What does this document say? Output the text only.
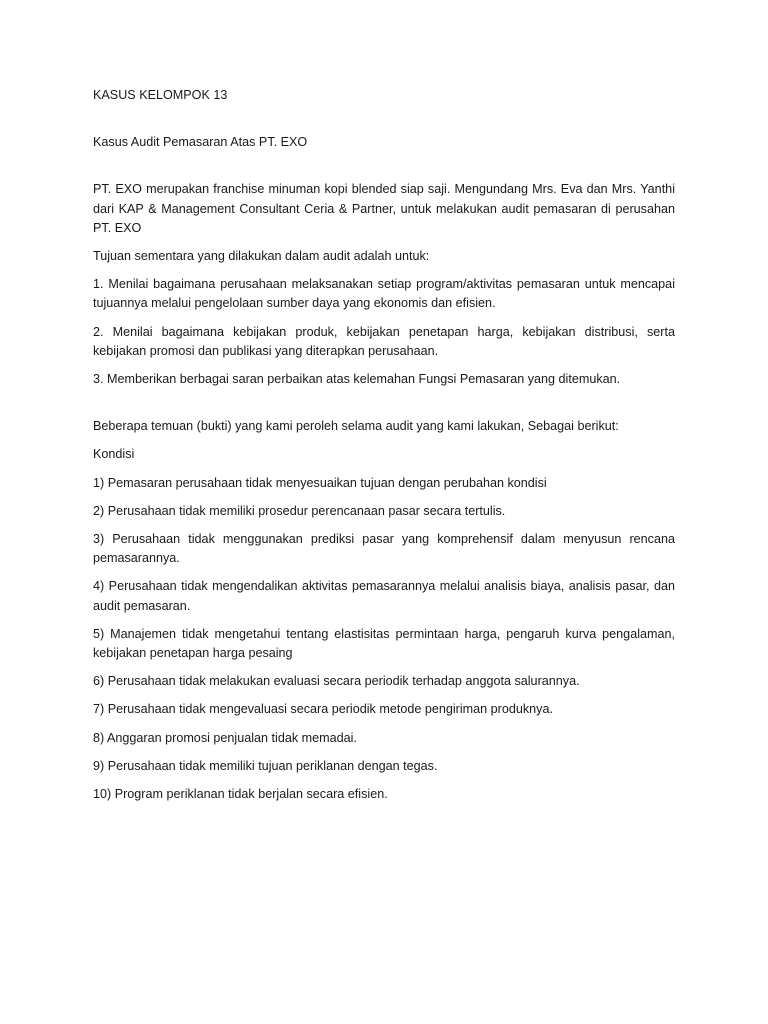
KASUS KELOMPOK 13

Kasus Audit Pemasaran Atas PT. EXO

PT. EXO merupakan franchise minuman kopi blended siap saji. Mengundang Mrs. Eva dan Mrs. Yanthi dari KAP & Management Consultant Ceria & Partner, untuk melakukan audit pemasaran di perusahan PT. EXO

Tujuan sementara yang dilakukan dalam audit adalah untuk:

1. Menilai bagaimana perusahaan melaksanakan setiap program/aktivitas pemasaran untuk mencapai tujuannya melalui pengelolaan sumber daya yang ekonomis dan efisien.

2. Menilai bagaimana kebijakan produk, kebijakan penetapan harga, kebijakan distribusi, serta kebijakan promosi dan publikasi yang diterapkan perusahaan.

3. Memberikan berbagai saran perbaikan atas kelemahan Fungsi Pemasaran yang ditemukan.

Beberapa temuan (bukti) yang kami peroleh selama audit yang kami lakukan, Sebagai berikut:

Kondisi

1) Pemasaran perusahaan tidak menyesuaikan tujuan dengan perubahan kondisi

2) Perusahaan tidak memiliki prosedur perencanaan pasar secara tertulis.

3) Perusahaan tidak menggunakan prediksi pasar yang komprehensif dalam menyusun rencana pemasarannya.

4) Perusahaan tidak mengendalikan aktivitas pemasarannya melalui analisis biaya, analisis pasar, dan audit pemasaran.

5) Manajemen tidak mengetahui tentang elastisitas permintaan harga, pengaruh kurva pengalaman, kebijakan penetapan harga pesaing

6) Perusahaan tidak melakukan evaluasi secara periodik terhadap anggota salurannya.

7) Perusahaan tidak mengevaluasi secara periodik metode pengiriman produknya.

8) Anggaran promosi penjualan tidak memadai.

9) Perusahaan tidak memiliki tujuan periklanan dengan tegas.

10) Program periklanan tidak berjalan secara efisien.
